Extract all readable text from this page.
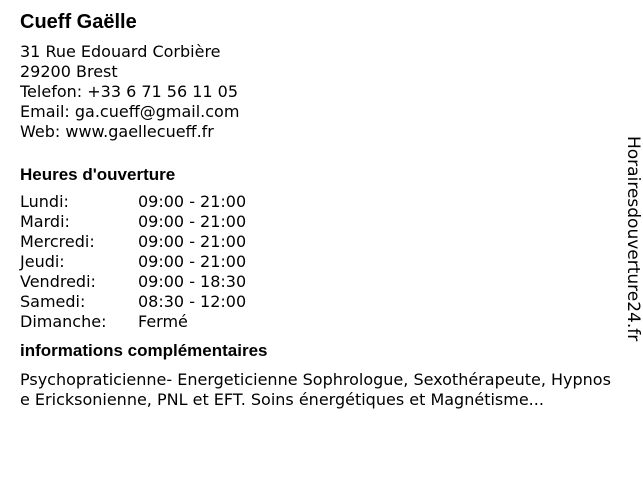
Cueff Gaëlle
31 Rue Edouard Corbière
29200 Brest
Telefon: +33 6 71 56 11 05
Email: ga.cueff@gmail.com
Web: www.gaellecueff.fr
Heures d'ouverture
Lundi:	09:00 - 21:00
Mardi:	09:00 - 21:00
Mercredi:	09:00 - 21:00
Jeudi:	09:00 - 21:00
Vendredi:	09:00 - 18:30
Samedi:	08:30 - 12:00
Dimanche: Fermé
informations complémentaires
Psychopraticienne- Energeticienne Sophrologue, Sexothérapeute, Hypnose Ericksonienne, PNL et EFT. Soins énergétiques et Magnétisme...
Horairesdouverture24.fr
